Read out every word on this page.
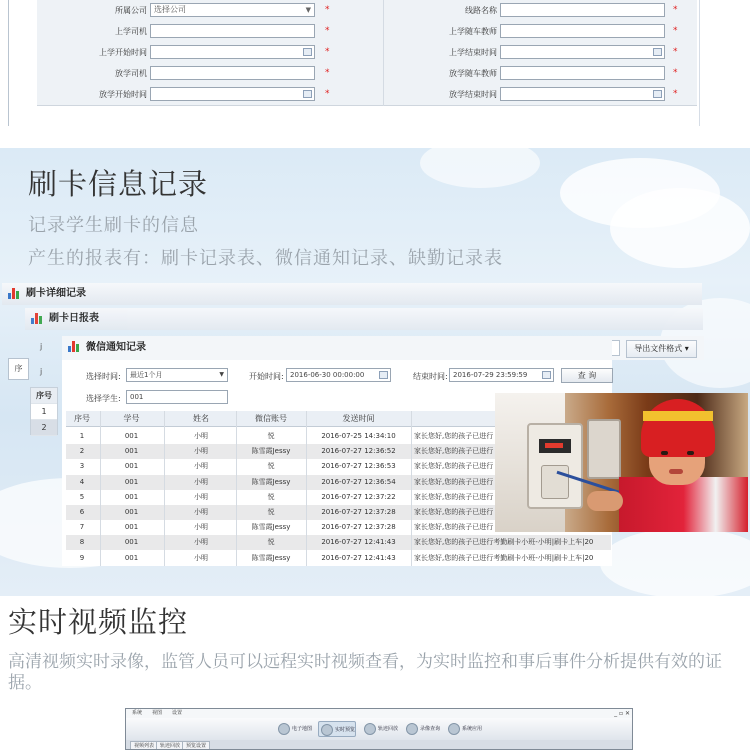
所属公司 选择公司	▼ *	线路名称	*
上学司机	*	上学随车教师	*
上学开始时间	*	上学结束时间	*
放学司机	*	放学随车教师	*
放学开始时间	*	放学结束时间	*
刷卡信息记录
记录学生刷卡的信息
产生的报表有：刷卡记录表、微信通知记录、缺勤记录表
刷卡详细记录
刷卡日报表
j
j
序
序号
1
2
微信通知记录	导出文件格式 ▾
选择时间:	最近1个月	▼	开始时间: 2016-06-30 00:00:00	结束时间: 2016-07-29 23:59:59	查 询
选择学生:	001
序号	学号	姓名	微信账号	发送时间
1	001	小明	悦	2016-07-25 14:34:10	家长您好,您的孩子已进行
2	001	小明	陈雪霞Jessy	2016-07-27 12:36:52	家长您好,您的孩子已进行
3	001	小明	悦	2016-07-27 12:36:53	家长您好,您的孩子已进行
4	001	小明	陈雪霞Jessy	2016-07-27 12:36:54	家长您好,您的孩子已进行
5	001	小明	悦	2016-07-27 12:37:22	家长您好,您的孩子已进行
6	001	小明	悦	2016-07-27 12:37:28	家长您好,您的孩子已进行
7	001	小明	陈雪霞Jessy	2016-07-27 12:37:28	家长您好,您的孩子已进行
8	001	小明	悦	2016-07-27 12:41:43	家长您好,您的孩子已进行考勤刷卡小班-小明|刷卡上车|20
9	001	小明	陈雪霞Jessy	2016-07-27 12:41:43	家长您好,您的孩子已进行考勤刷卡小班-小明|刷卡上车|20
实时视频监控
高清视频实时录像，监管人员可以远程实时视频查看，为实时监控和事后事件分析提供有效的证据。
系统 视图 设置	_ ▫ ✕
电子地图	实时预览	轨迹回放	录像查询	系统应用
视频列表	轨迹回放	预览设置
